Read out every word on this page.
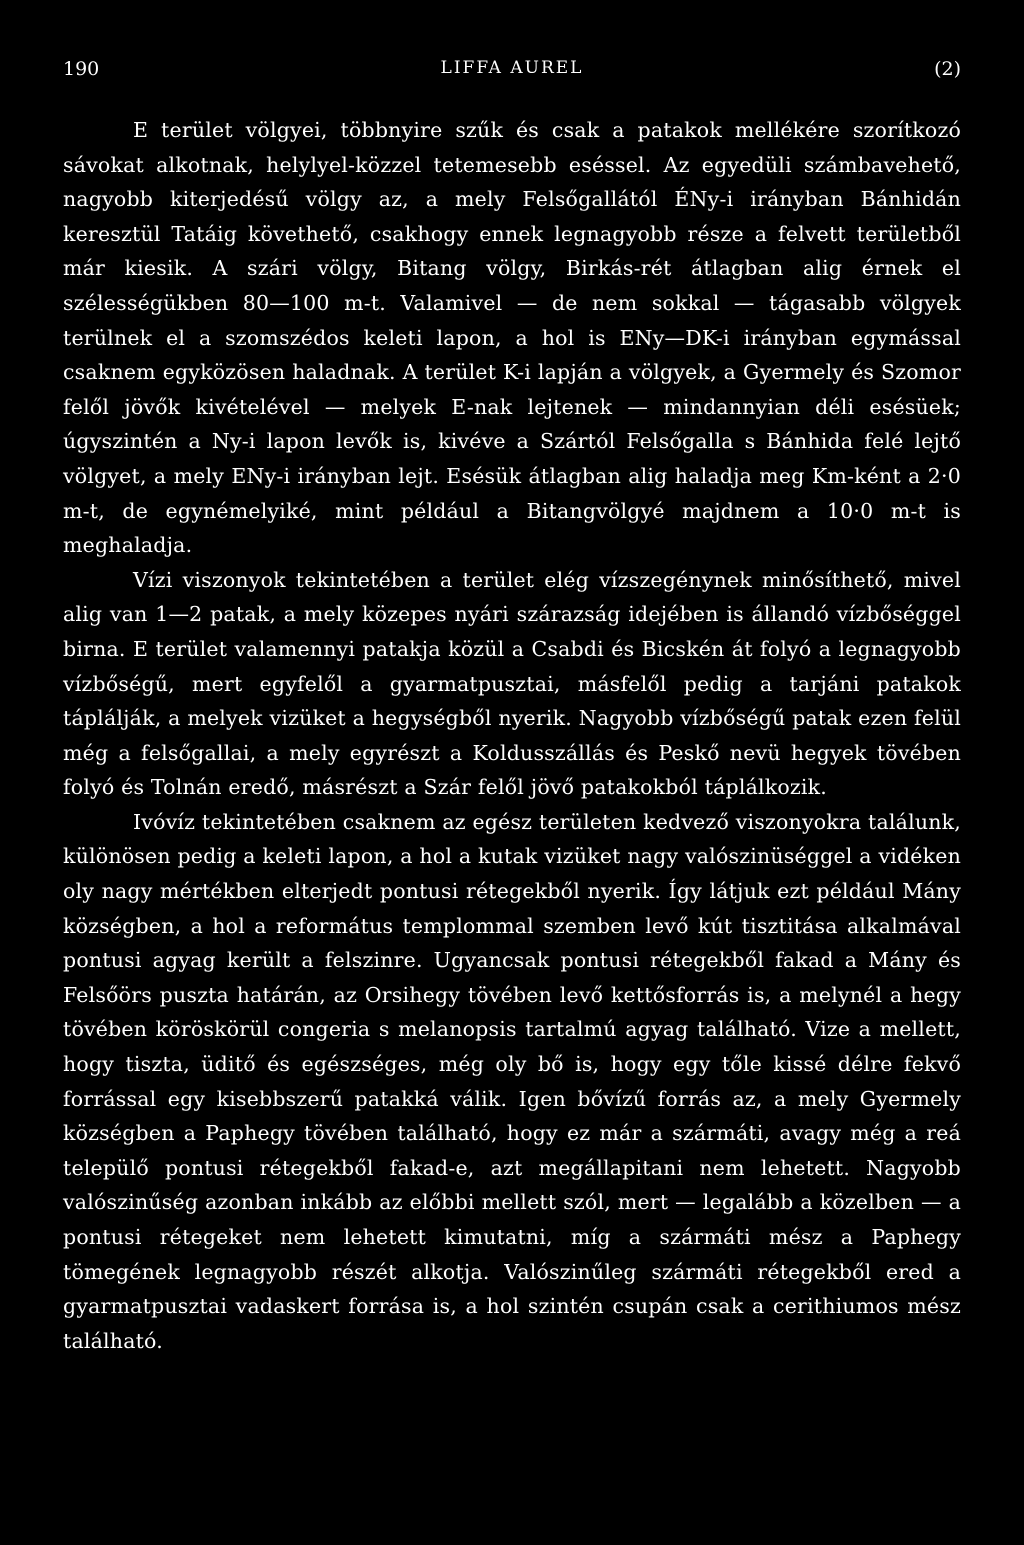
190	LIFFA AUREL	(2)

E terület völgyei, többnyire szűk és csak a patakok mellékére szorítkozó sávokat alkotnak, helylyel-közzel tetemesebb eséssel. Az egyedüli számbavehető, nagyobb kiterjedésű völgy az, a mely Felsőgallától ÉNy-i irányban Bánhidán keresztül Tatáig követhető, csakhogy ennek legnagyobb része a felvett területből már kiesik. A szári völgy, Bitang völgy, Birkás-rét átlagban alig érnek el szélességükben 80—100 m-t. Valamivel — de nem sokkal — tágasabb völgyek terülnek el a szomszédos keleti lapon, a hol is ENy—DK-i irányban egymással csaknem egyközösen haladnak. A terület K-i lapján a völgyek, a Gyermely és Szomor felől jövők kivételével — melyek E-nak lejtenek — mindannyian déli esésüek; úgyszintén a Ny-i lapon levők is, kivéve a Szártól Felsőgalla s Bánhida felé lejtő völgyet, a mely ENy-i irányban lejt. Esésük átlagban alig haladja meg Km-ként a 2·0 m-t, de egynémelyiké, mint például a Bitangvölgyé majdnem a 10·0 m-t is meghaladja.

Vízi viszonyok tekintetében a terület elég vízszegénynek minősíthető, mivel alig van 1—2 patak, a mely közepes nyári szárazság idejében is állandó vízbőséggel birna. E terület valamennyi patakja közül a Csabdi és Bicskén át folyó a legnagyobb vízbőségű, mert egyfelől a gyarmatpusztai, másfelől pedig a tarjáni patakok táplálják, a melyek vizüket a hegységből nyerik. Nagyobb vízbőségű patak ezen felül még a felsőgallai, a mely egyrészt a Koldusszállás és Peskő nevü hegyek tövében folyó és Tolnán eredő, másrészt a Szár felől jövő patakokból táplálkozik.

Ivóvíz tekintetében csaknem az egész területen kedvező viszonyokra találunk, különösen pedig a keleti lapon, a hol a kutak vizüket nagy valószinüséggel a vidéken oly nagy mértékben elterjedt pontusi rétegekből nyerik. Így látjuk ezt például Mány községben, a hol a református templommal szemben levő kút tisztitása alkalmával pontusi agyag került a felszinre. Ugyancsak pontusi rétegekből fakad a Mány és Felsőörs puszta határán, az Orsihegy tövében levő kettősforrás is, a melynél a hegy tövében köröskörül congeria s melanopsis tartalmú agyag található. Vize a mellett, hogy tiszta, üditő és egészséges, még oly bő is, hogy egy tőle kissé délre fekvő forrással egy kisebbszerű patakká válik. Igen bővízű forrás az, a mely Gyermely községben a Paphegy tövében található, hogy ez már a szármáti, avagy még a reá települő pontusi rétegekből fakad-e, azt megállapitani nem lehetett. Nagyobb valószinűség azonban inkább az előbbi mellett szól, mert — legalább a közelben — a pontusi rétegeket nem lehetett kimutatni, míg a szármáti mész a Paphegy tömegének legnagyobb részét alkotja. Valószinűleg szármáti rétegekből ered a gyarmatpusztai vadaskert forrása is, a hol szintén csupán csak a cerithiumos mész található.
